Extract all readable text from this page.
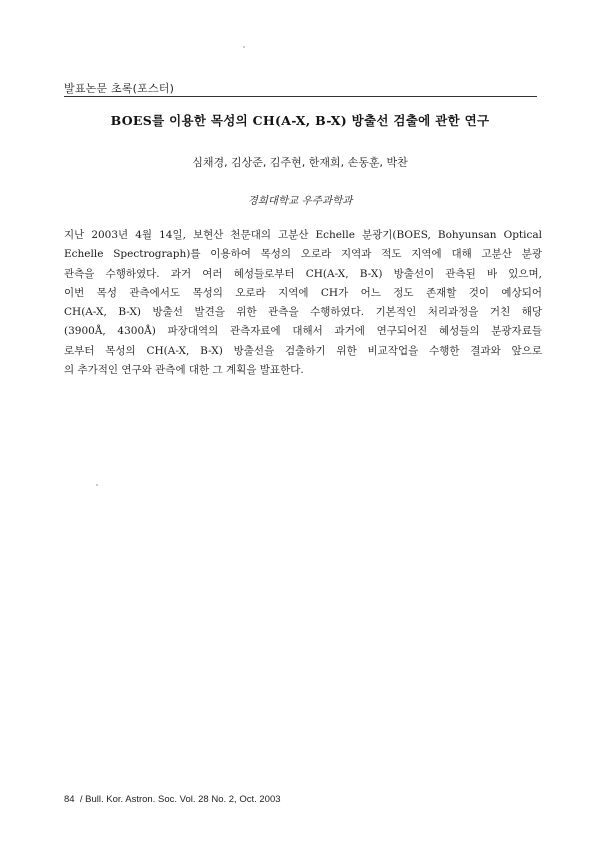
발표논문 초록(포스터)
BOES를 이용한 목성의 CH(A-X, B-X) 방출선 검출에 관한 연구
심채경, 김상준, 김주현, 한재희, 손동훈, 박찬
경희대학교 우주과학과
지난 2003년 4월 14일, 보현산 천문대의 고분산 Echelle 분광기(BOES, Bohyunsan Optical
Echelle Spectrograph)를 이용하여 목성의 오로라 지역과 적도 지역에 대해 고분산 분광
관측을 수행하였다. 과거 여러 혜성들로부터 CH(A-X, B-X) 방출선이 관측된 바 있으며,
이번 목성 관측에서도 목성의 오로라 지역에 CH가 어느 정도 존재할 것이 예상되어
CH(A-X, B-X) 방출선 발견을 위한 관측을 수행하였다. 기본적인 처리과정을 거친 해당
(3900Å, 4300Å) 파장대역의 관측자료에 대해서 과거에 연구되어진 혜성들의 분광자료들
로부터 목성의 CH(A-X, B-X) 방출선을 검출하기 위한 비교작업을 수행한 결과와 앞으로
의 추가적인 연구와 관측에 대한 그 계획을 발표한다.
84  / Bull. Kor. Astron. Soc. Vol. 28 No. 2, Oct. 2003
